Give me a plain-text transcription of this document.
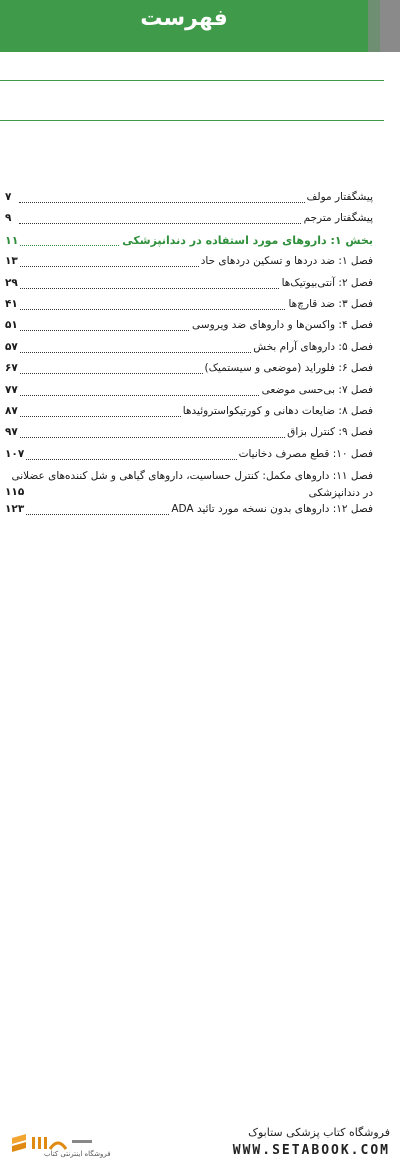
فهرست
پیشگفتار مولف
۷
پیشگفتار مترجم
۹
بخش ۱: داروهای مورد استفاده در دندانپزشکی
۱۱
فصل ۱: ضد دردها و تسکین دردهای حاد
۱۳
فصل ۲: آنتی‌بیوتیک‌ها
۲۹
فصل ۳: ضد قارچ‌ها
۴۱
فصل ۴: واکسن‌ها و داروهای ضد ویروسی
۵۱
فصل ۵: داروهای آرام بخش
۵۷
فصل ۶: فلوراید (موضعی و سیستمیک)
۶۷
فصل ۷: بی‌حسی موضعی
۷۷
فصل ۸: ضایعات دهانی و کورتیکواستروئیدها
۸۷
فصل ۹: کنترل بزاق
۹۷
فصل ۱۰: قطع مصرف دخانیات
۱۰۷
فصل ۱۱: داروهای مکمل: کنترل حساسیت، داروهای گیاهی و شل کننده‌های عضلانی در دندانپزشکی
۱۱۵
فصل ۱۲: داروهای بدون نسخه مورد تائید ADA
۱۲۳
فروشگاه اینترنتی کتاب
فروشگاه کتاب پزشکی ستابوک
WWW.SETABOOK.COM
